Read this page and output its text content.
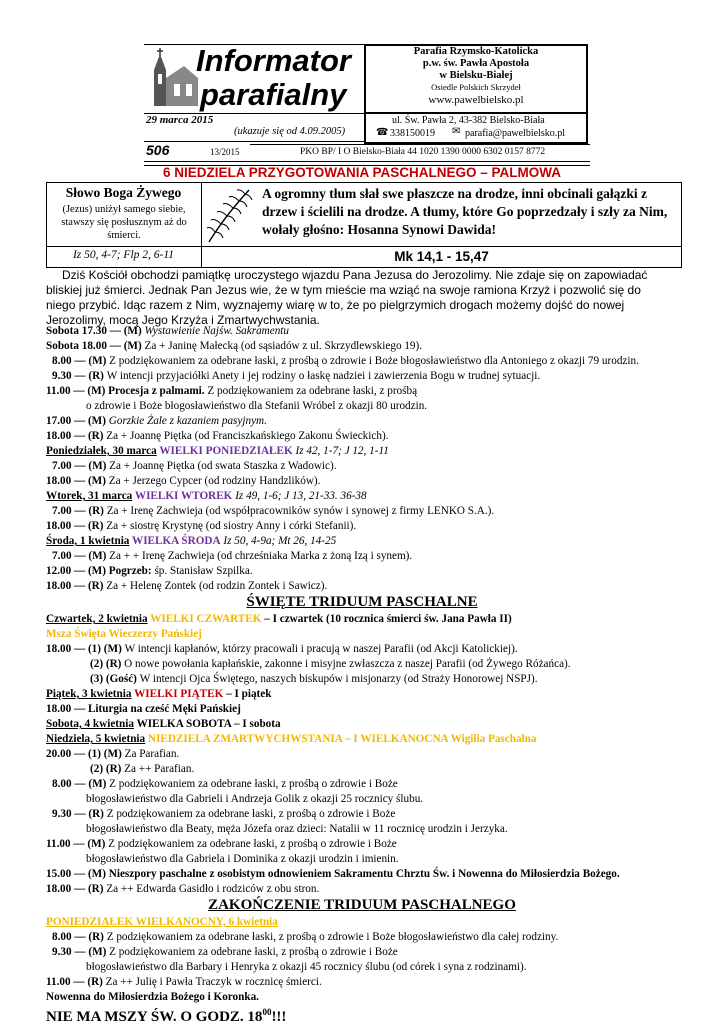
Informator
parafialny
29 marca 2015
(ukazuje się od 4.09.2005)
506	13/2015
Parafia Rzymsko-Katolicka
p.w. św. Pawła Apostoła
w Bielsku-Białej
Osiedle Polskich Skrzydeł
www.pawelbielsko.pl
ul. Św. Pawła 2, 43-382 Bielsko-Biała
☎ 338150019 ✉ parafia@pawelbielsko.pl
PKO BP/ I O Bielsko-Biała 44 1020 1390 0000 6302 0157 8772
6 NIEDZIELA PRZYGOTOWANIA PASCHALNEGO – PALMOWA
Słowo Boga Żywego
(Jezus) uniżył samego siebie, stawszy się posłusznym aż do śmierci.
Iz 50, 4-7; Flp 2, 6-11
A ogromny tłum słał swe płaszcze na drodze, inni obcinali gałązki z drzew i ścielili na drodze. A tłumy, które Go poprzedzały i szły za Nim, wołały głośno: Hosanna Synowi Dawida!
Mk 14,1 - 15,47
Dziś Kościół obchodzi pamiątkę uroczystego wjazdu Pana Jezusa do Jerozolimy. Nie zdaje się on zapowiadać
bliskiej już śmierci. Jednak Pan Jezus wie, że w tym mieście ma wziąć na swoje ramiona Krzyż i pozwolić się do
niego przybić. Idąc razem z Nim, wyznajemy wiarę w to, że po pielgrzymich drogach możemy dojść do nowej
Jerozolimy, mocą Jego Krzyża i Zmartwychwstania.
Sobota 17.30 — (M) Wystawienie Najśw. Sakramentu
Sobota 18.00 — (M) Za + Janinę Małecką (od sąsiadów z ul. Skrzydlewskiego 19).
8.00 — (M) Z podziękowaniem za odebrane łaski, z prośbą o zdrowie i Boże błogosławieństwo dla Antoniego z okazji 79 urodzin.
9.30 — (R) W intencji przyjaciółki Anety i jej rodziny o łaskę nadziei i zawierzenia Bogu w trudnej sytuacji.
11.00 — (M) Procesja z palmami. Z podziękowaniem za odebrane łaski, z prośbą
o zdrowie i Boże błogosławieństwo dla Stefanii Wróbel z okazji 80 urodzin.
17.00 — (M) Gorzkie Żale z kazaniem pasyjnym.
18.00 — (R) Za + Joannę Piętka (od Franciszkańskiego Zakonu Świeckich).
Poniedziałek, 30 marca WIELKI PONIEDZIAŁEK Iz 42, 1-7; J 12, 1-11
7.00 — (M) Za + Joannę Piętka (od swata Staszka z Wadowic).
18.00 — (M) Za + Jerzego Cypcer (od rodziny Handzlików).
Wtorek, 31 marca WIELKI WTOREK Iz 49, 1-6; J 13, 21-33. 36-38
7.00 — (R) Za + Irenę Zachwieja (od współpracowników synów i synowej z firmy LENKO S.A.).
18.00 — (R) Za + siostrę Krystynę (od siostry Anny i córki Stefanii).
Środa, 1 kwietnia WIELKA ŚRODA Iz 50, 4-9a; Mt 26, 14-25
7.00 — (M) Za + + Irenę Zachwieja (od chrześniaka Marka z żoną Izą i synem).
12.00 — (M) Pogrzeb: śp. Stanisław Szpilka.
18.00 — (R) Za + Helenę Zontek (od rodzin Zontek i Sawicz).
ŚWIĘTE TRIDUUM PASCHALNE
Czwartek, 2 kwietnia WIELKI CZWARTEK – I czwartek (10 rocznica śmierci św. Jana Pawła II)
Msza Święta Wieczerzy Pańskiej
18.00 — (1) (M) W intencji kapłanów, którzy pracowali i pracują w naszej Parafii (od Akcji Katolickiej).
(2) (R) O nowe powołania kapłańskie, zakonne i misyjne zwłaszcza z naszej Parafii (od Żywego Różańca).
(3) (Gość) W intencji Ojca Świętego, naszych biskupów i misjonarzy (od Straży Honorowej NSPJ).
Piątek, 3 kwietnia WIELKI PIĄTEK – I piątek
18.00 — Liturgia na cześć Męki Pańskiej
Sobota, 4 kwietnia WIELKA SOBOTA – I sobota
Niedziela, 5 kwietnia NIEDZIELA ZMARTWYCHWSTANIA – I WIELKANOCNA Wigilia Paschalna
20.00 — (1) (M) Za Parafian.
(2) (R) Za ++ Parafian.
8.00 — (M) Z podziękowaniem za odebrane łaski, z prośbą o zdrowie i Boże
błogosławieństwo dla Gabrieli i Andrzeja Golik z okazji 25 rocznicy ślubu.
9.30 — (R) Z podziękowaniem za odebrane łaski, z prośbą o zdrowie i Boże
błogosławieństwo dla Beaty, męża Józefa oraz dzieci: Natalii w 11 rocznicę urodzin i Jerzyka.
11.00 — (M) Z podziękowaniem za odebrane łaski, z prośbą o zdrowie i Boże
błogosławieństwo dla Gabriela i Dominika z okazji urodzin i imienin.
15.00 — (M) Nieszpory paschalne z osobistym odnowieniem Sakramentu Chrztu Św. i Nowenna do Miłosierdzia Bożego.
18.00 — (R) Za ++ Edwarda Gasidło i rodziców z obu stron.
ZAKOŃCZENIE TRIDUUM PASCHALNEGO
PONIEDZIAŁEK WIELKANOCNY, 6 kwietnia
8.00 — (R) Z podziękowaniem za odebrane łaski, z prośbą o zdrowie i Boże błogosławieństwo dla całej rodziny.
9.30 — (M) Z podziękowaniem za odebrane łaski, z prośbą o zdrowie i Boże
błogosławieństwo dla Barbary i Henryka z okazji 45 rocznicy ślubu (od córek i syna z rodzinami).
11.00 — (R) Za ++ Julię i Pawła Traczyk w rocznicę śmierci.
Nowenna do Miłosierdzia Bożego i Koronka.
NIE MA MSZY ŚW. O GODZ. $18^{00}$!!!
